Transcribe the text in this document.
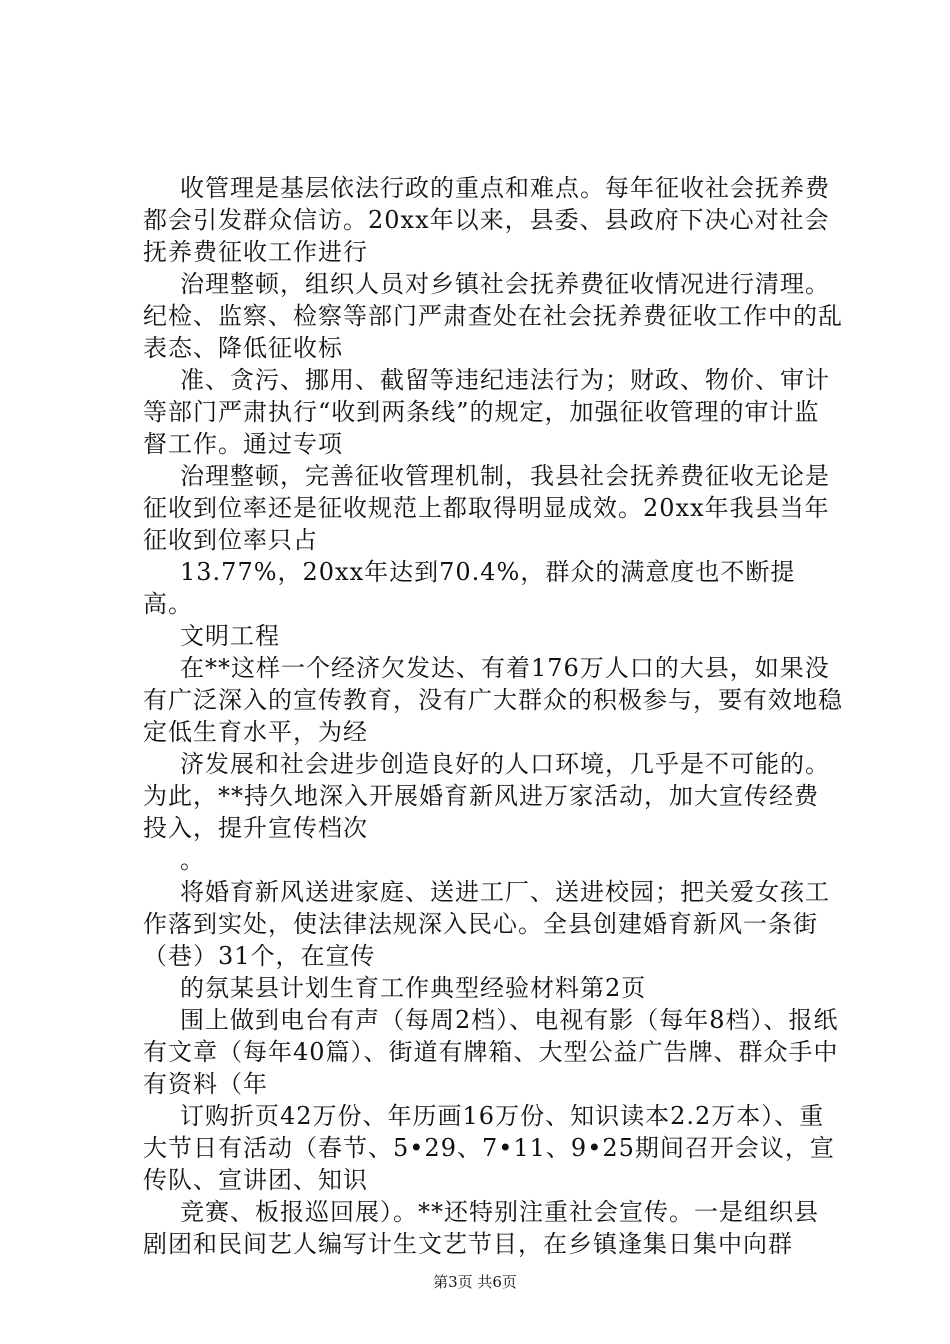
收管理是基层依法行政的重点和难点。每年征收社会抚养费都会引发群众信访。20xx年以来，县委、县政府下决心对社会抚养费征收工作进行

治理整顿，组织人员对乡镇社会抚养费征收情况进行清理。纪检、监察、检察等部门严肃查处在社会抚养费征收工作中的乱表态、降低征收标

准、贪污、挪用、截留等违纪违法行为；财政、物价、审计等部门严肃执行“收到两条线”的规定，加强征收管理的审计监督工作。通过专项

治理整顿，完善征收管理机制，我县社会抚养费征收无论是征收到位率还是征收规范上都取得明显成效。20xx年我县当年征收到位率只占

13.77%，20xx年达到70.4%，群众的满意度也不断提高。

文明工程

在**这样一个经济欠发达、有着176万人口的大县，如果没有广泛深入的宣传教育，没有广大群众的积极参与，要有效地稳定低生育水平，为经

济发展和社会进步创造良好的人口环境，几乎是不可能的。为此，**持久地深入开展婚育新风进万家活动，加大宣传经费投入，提升宣传档次

。

将婚育新风送进家庭、送进工厂、送进校园；把关爱女孩工作落到实处，使法律法规深入民心。全县创建婚育新风一条街（巷）31个，在宣传

的氛某县计划生育工作典型经验材料第2页

围上做到电台有声（每周2档）、电视有影（每年8档）、报纸有文章（每年40篇）、街道有牌箱、大型公益广告牌、群众手中有资料（年

订购折页42万份、年历画16万份、知识读本2.2万本）、重大节日有活动（春节、5•29、7•11、9•25期间召开会议，宣传队、宣讲团、知识

竞赛、板报巡回展）。**还特别注重社会宣传。一是组织县剧团和民间艺人编写计生文艺节目，在乡镇逢集日集中向群

第3页 共6页
